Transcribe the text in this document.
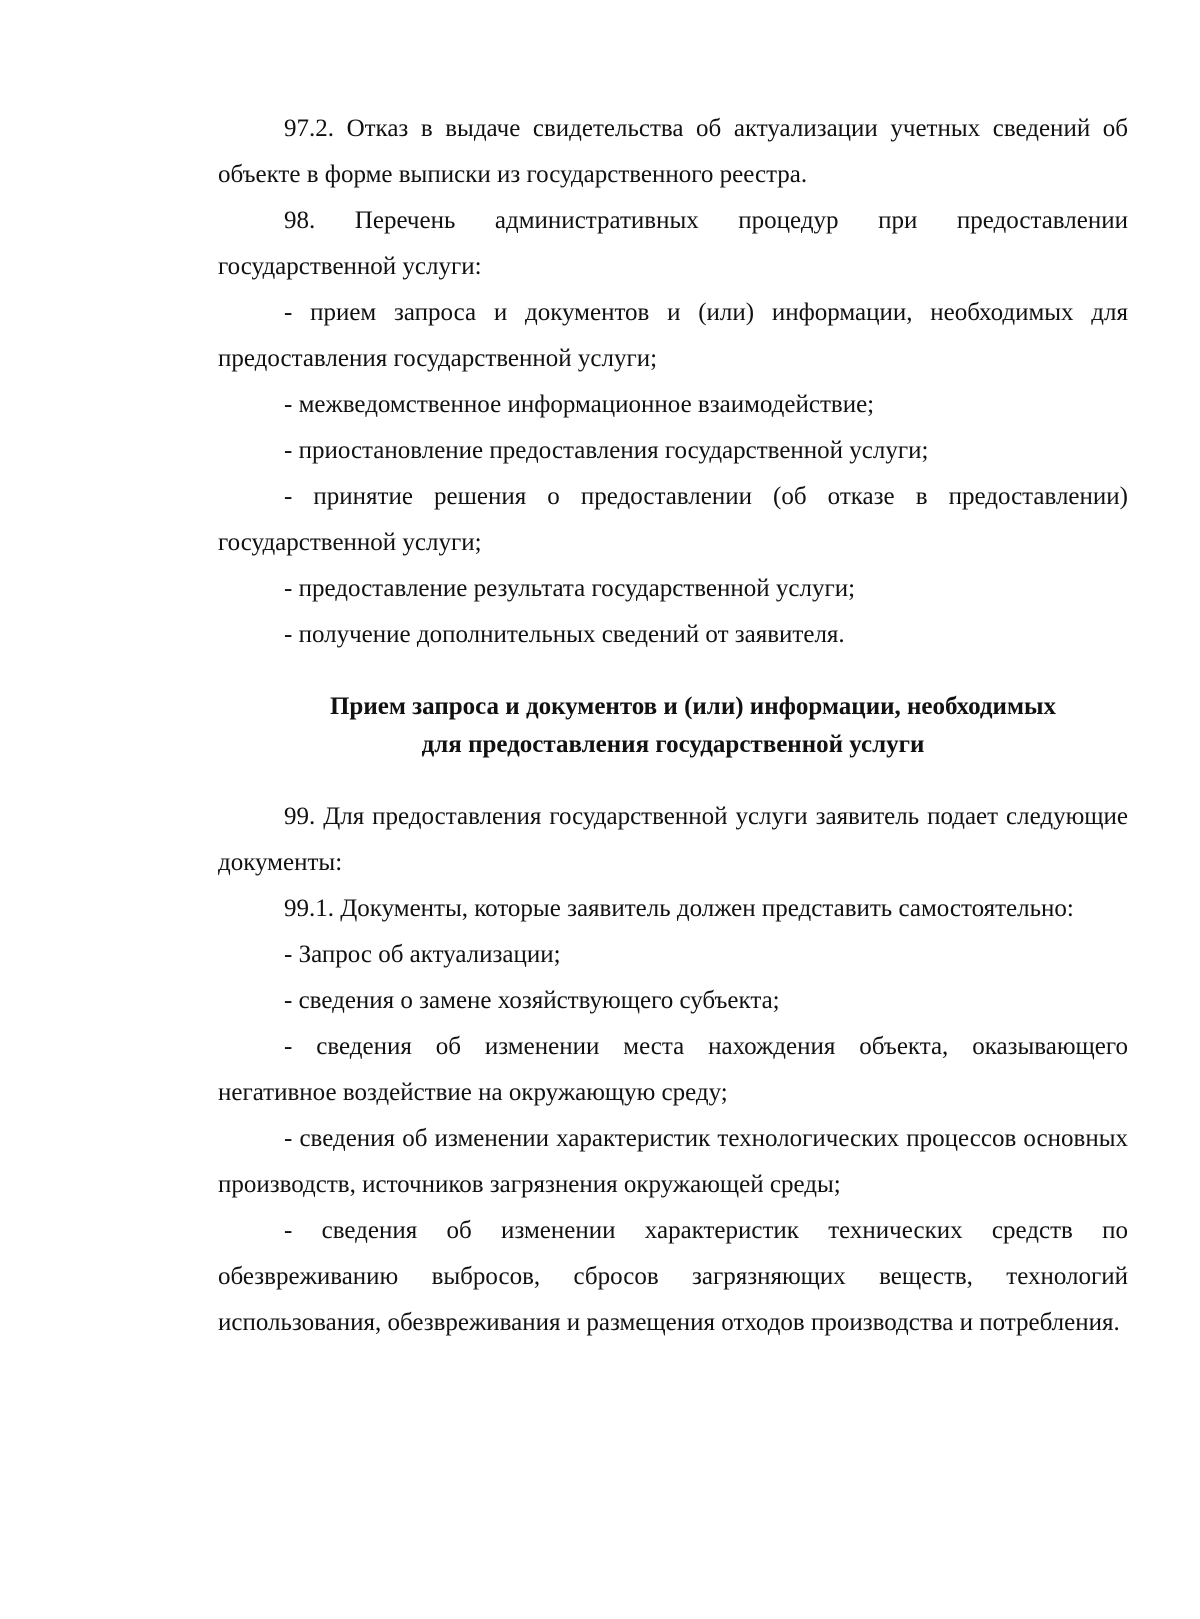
97.2. Отказ в выдаче свидетельства об актуализации учетных сведений об объекте в форме выписки из государственного реестра.

98. Перечень административных процедур при предоставлении государственной услуги:

- прием запроса и документов и (или) информации, необходимых для предоставления государственной услуги;

- межведомственное информационное взаимодействие;

- приостановление предоставления государственной услуги;

- принятие решения о предоставлении (об отказе в предоставлении) государственной услуги;

- предоставление результата государственной услуги;

- получение дополнительных сведений от заявителя.

Прием запроса и документов и (или) информации, необходимых
для предоставления государственной услуги

99. Для предоставления государственной услуги заявитель подает следующие документы:

99.1. Документы, которые заявитель должен представить самостоятельно:

- Запрос об актуализации;

- сведения о замене хозяйствующего субъекта;

- сведения об изменении места нахождения объекта, оказывающего негативное воздействие на окружающую среду;

- сведения об изменении характеристик технологических процессов основных производств, источников загрязнения окружающей среды;

- сведения об изменении характеристик технических средств по обезвреживанию выбросов, сбросов загрязняющих веществ, технологий использования, обезвреживания и размещения отходов производства и потребления.
